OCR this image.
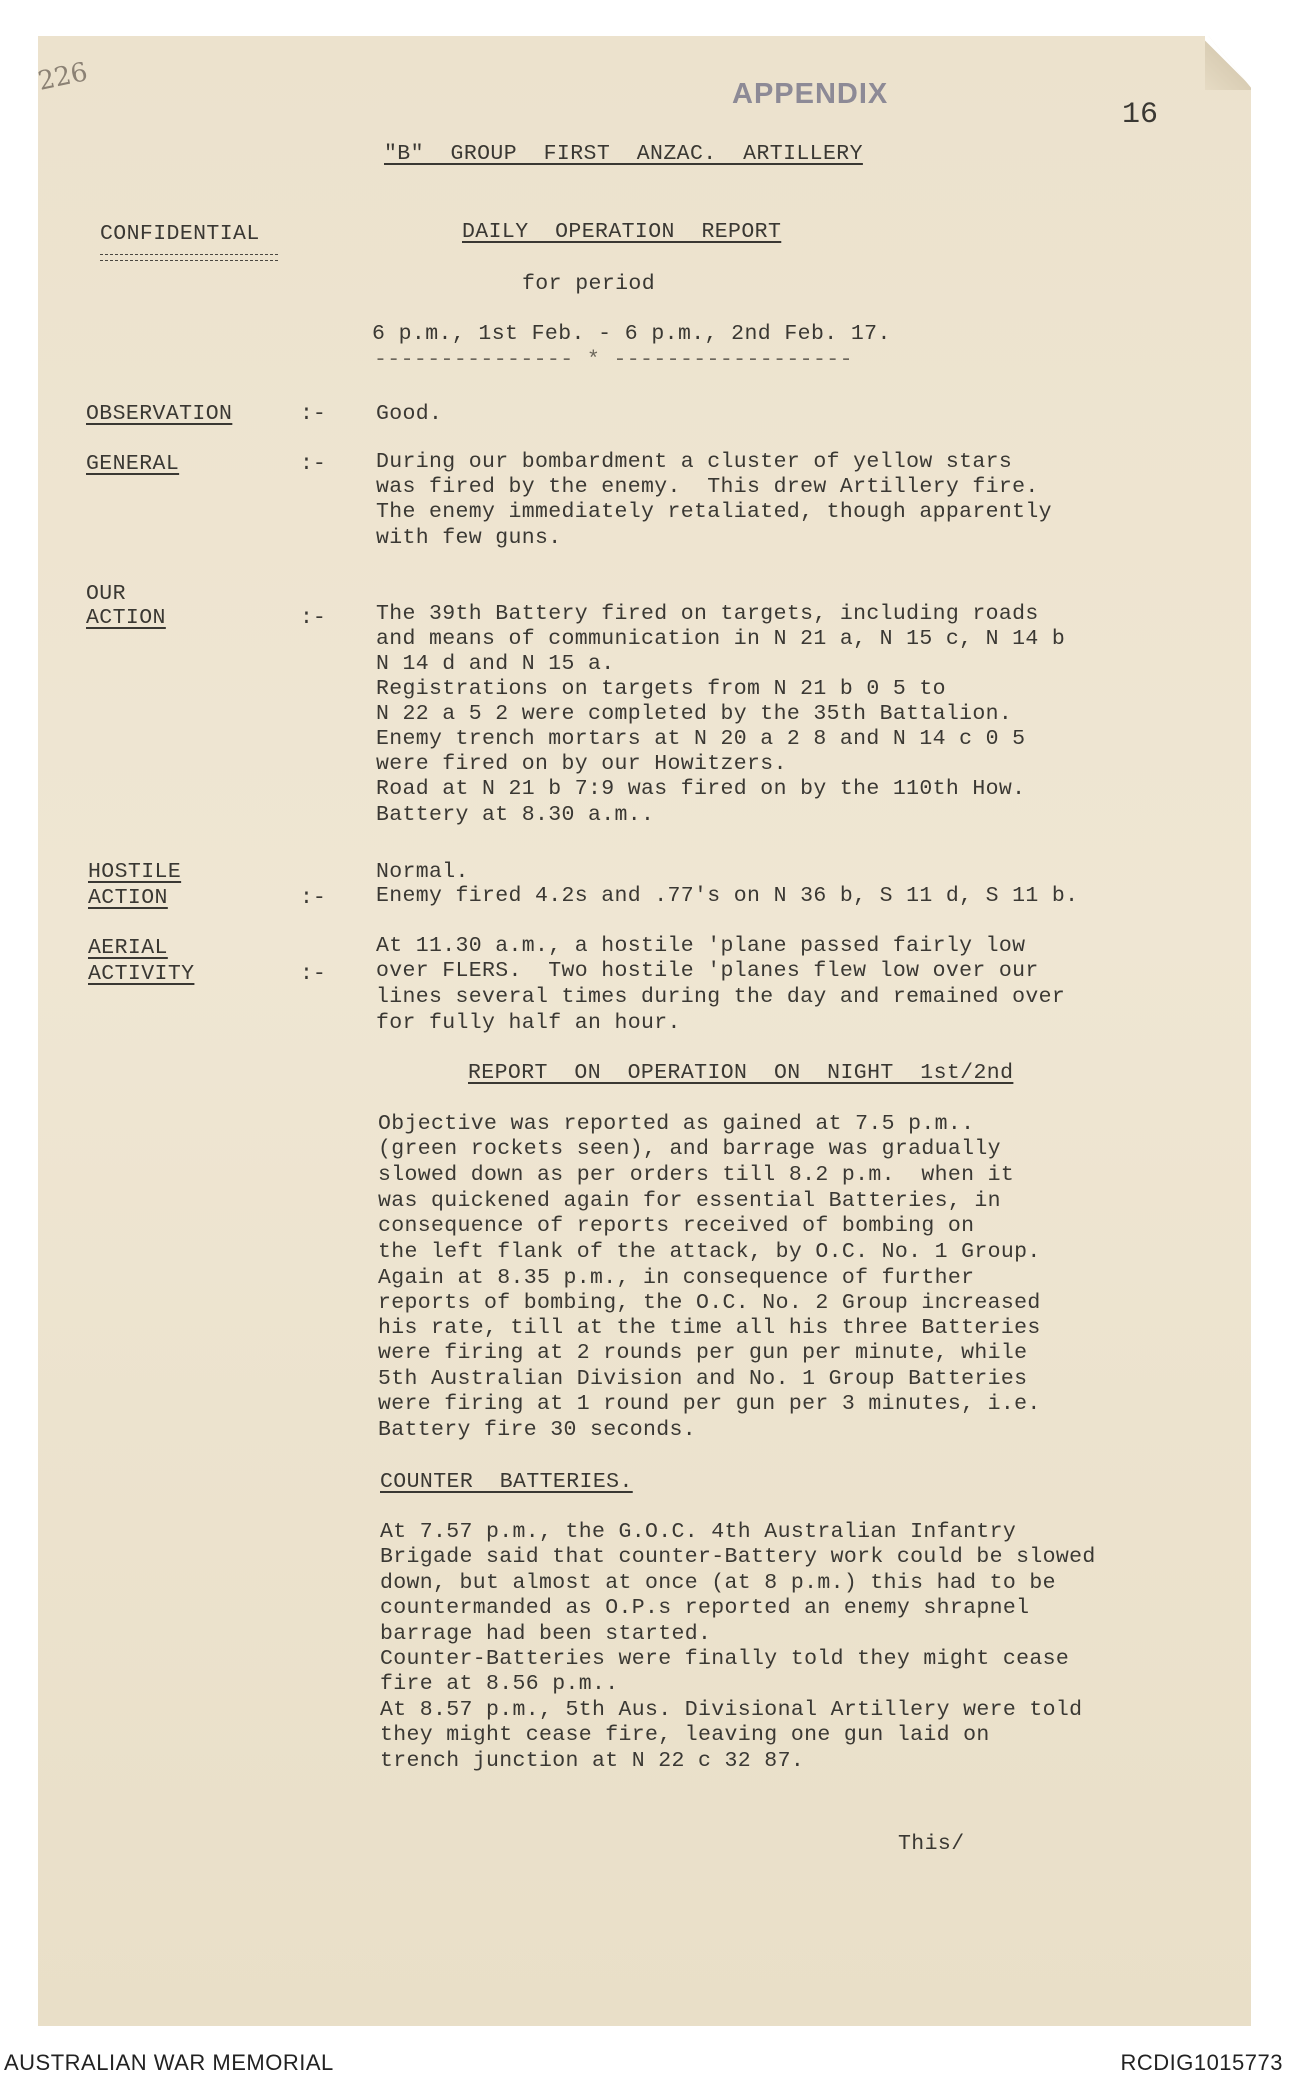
226	APPENDIX
16
"B"  GROUP  FIRST  ANZAC.  ARTILLERY
CONFIDENTIAL	DAILY  OPERATION  REPORT
for period
6 p.m., 1st Feb. - 6 p.m., 2nd Feb. 17.
--------------- * ------------------
OBSERVATION	:- Good.
GENERAL	:- During our bombardment a cluster of yellow stars
was fired by the enemy.  This drew Artillery fire.
The enemy immediately retaliated, though apparently
with few guns.
OUR
ACTION	:- The 39th Battery fired on targets, including roads
and means of communication in N 21 a, N 15 c, N 14 b
N 14 d and N 15 a.
Registrations on targets from N 21 b 0 5 to
N 22 a 5 2 were completed by the 35th Battalion.
Enemy trench mortars at N 20 a 2 8 and N 14 c 0 5
were fired on by our Howitzers.
Road at N 21 b 7:9 was fired on by the 110th How.
Battery at 8.30 a.m..
HOSTILE
ACTION	:-
Normal.
Enemy fired 4.2s and .77's on N 36 b, S 11 d, S 11 b.
AERIAL
ACTIVITY	:-
At 11.30 a.m., a hostile 'plane passed fairly low
over FLERS.  Two hostile 'planes flew low over our
lines several times during the day and remained over
for fully half an hour.
REPORT  ON  OPERATION  ON  NIGHT  1st/2nd
Objective was reported as gained at 7.5 p.m..
(green rockets seen), and barrage was gradually
slowed down as per orders till 8.2 p.m.  when it
was quickened again for essential Batteries, in
consequence of reports received of bombing on
the left flank of the attack, by O.C. No. 1 Group.
Again at 8.35 p.m., in consequence of further
reports of bombing, the O.C. No. 2 Group increased
his rate, till at the time all his three Batteries
were firing at 2 rounds per gun per minute, while
5th Australian Division and No. 1 Group Batteries
were firing at 1 round per gun per 3 minutes, i.e.
Battery fire 30 seconds.
COUNTER  BATTERIES.
At 7.57 p.m., the G.O.C. 4th Australian Infantry
Brigade said that counter-Battery work could be slowed
down, but almost at once (at 8 p.m.) this had to be
countermanded as O.P.s reported an enemy shrapnel
barrage had been started.
Counter-Batteries were finally told they might cease
fire at 8.56 p.m..
At 8.57 p.m., 5th Aus. Divisional Artillery were told
they might cease fire, leaving one gun laid on
trench junction at N 22 c 32 87.
This/
AUSTRALIAN WAR MEMORIAL	RCDIG1015773
